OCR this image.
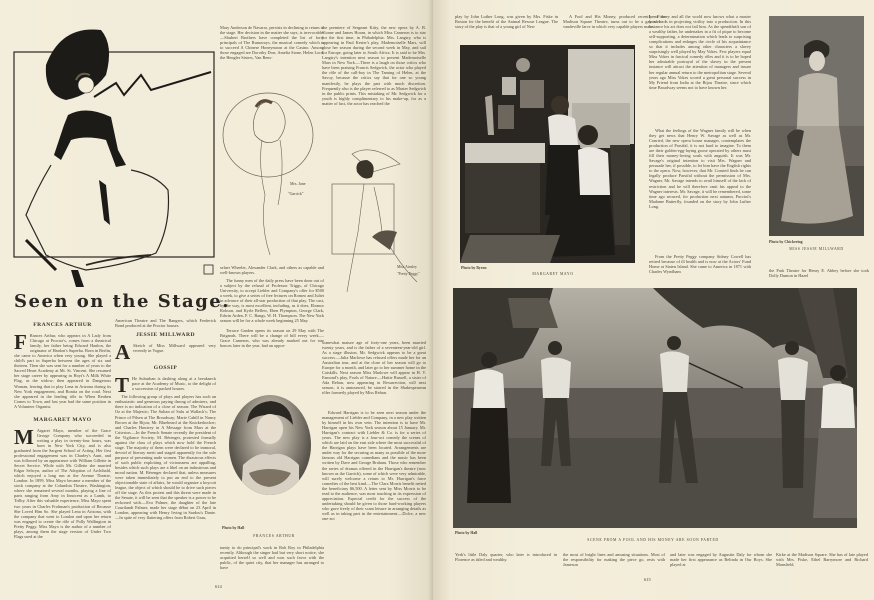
Seen on the Stage.
FRANCES ARTHUR

F Rances Arthur, who appears in A Lady from Chicago at Proctor's, comes from a theatrical family, her father being Edward Hanlon, the originator of Hanlon's Superba. Born in Berlin, she came to America when very young. She played a child's part in Superba between the ages of six and thirteen. Then she was sent for a number of years to the Sacred Heart Academy at Mt. St. Vincent. She resumed her stage career by appearing in Hoyt's A Milk White Flag, as the widow; then appeared in Dangerous Woman, leaving that to play Lena in Arizona during its New York engagement, and Bonita on the road. Next she appeared in the leading rôle in When Reuben Comes to Town, and last year had the same position in A Volunteer Organist.

MARGARET MAYO

M Argaret Mayo, member of the Grace George Company who succeeded in writing a play in twenty-four hours, was born in New York City, and is also graduated from the Sargent School of Acting. Her first professional engagement was in Charley's Aunt, and was followed by an appearance with William Gillette in Secret Service. While with Mr. Gillette she married Edgar Selwyn, author of The Adoption of Archibald, which enjoyed a long run at the Avenue Theatre, London. In 1899, Miss Mayo became a member of the stock company at the Columbia Theatre, Washington, where she remained several months, playing a line of parts ranging from Amy in Innocent as a Lamb, to Trilby. After this valuable experience, Miss Mayo spent two years in Charles Frohman's production of Because She Loved Him So. She played Lena in Arizona, with the company that went to London and upon her return was engaged to create the rôle of Polly Wallington in Pretty Peggy. Miss Mayo is the author of a number of plays, among them the stage version of Under Two Flags used at the

American Theatre and The Rangers, which Frederick Bond produced at the Proctor houses.

JESSIE MILLWARD

A Sketch of Miss Millward appeared very recently in Vogue.

GOSSIP

T He Suburban is dashing along at a breakneck pace at the Academy of Music, to the delight of a succession of packed houses.

The following group of plays and players has such an enthusiastic and generous paying throng of admirers, and there is no indication of a close of season: The Wizard of Oz at the Majestic; The Sultan of Sulu at Wallack's; The Prince of Pilsen at The Broadway; Marie Cahill in Nancy Brown at the Bijou; Mr. Bluebeard at the Knickerbocker; and Charles Hawtrey in A Message from Mars at the Criterion.—In the French Senate recently the president of the Vigilance Society, M. Bérenger, protested formally against the class of plays which now hold the French stage. The majority of them were declared to be immoral, devoid of literary merit and staged apparently for the sole purpose of presenting nude women. The disastrous effects of such public exploiting of viciousness are appalling, besides which such plays are a libel on an industrious and moral nation. M. Bérenger declared that, unless measures were taken immediately to put an end to the present objectionable state of affairs, he would organize a boycott league, the object of which should be to drive such pieces off the stage. As this protest and this threat were made in the Senate, it will be seen that the speaker is a power to be reckoned with.—Eva Palmer, the daughter of the late Courtlandt Palmer, made her stage début on 23 April in London, appearing with Henry Irving in Sardou's Dante.—In spite of very flattering offers from Robert Grau,

Mary Anderson de Navarro, persists in declining to return to the stage. Her decision in the matter she says, is irrevocable.—Shubert Brothers have completed the list of forty principals of The Runaways, the musical comedy which is to succeed A Chinese Honeymoon at the Casino. Among those engaged are Dorothy Dorr, Amelia Stone, Helen Lord, the Hengler Sisters, Van Rens-

Mrs. Jane
"Garrick"

selaer Wheeler, Alexander Clark, and others as capable and well-known players.

The funny men of the daily press have been done out of a subject by the refusal of Professor Triggs, of Chicago University, to accept Liebler and Company's offer for $500 a week, to give a series of free lectures on Romeo and Juliet in advance of their all-star production of that play. The cast, by the way, is most excellent, including, as it does, Eleanor Robson, and Kyrle Bellew, Eben Plympton, George Clark, Edwin Arden, F. C. Bangs, W. H. Thompson. The New York season will be for a whole week beginning 25 May.

Terrace Garden opens its season on 29 May with The Brigands. There will be a change of bill every week.—Grace Cameron, who was already marked out for star honors later in the year, had an oppor-

Photo by Hall
FRANCES ARTHUR

tunity to do principal's work in Rob Roy in Philadelphia recently. Although the singer had but very short notice, she acquitted herself so well and won such favor with the public, of the quiet city, that her manager has arranged to have

the premiere of Sergeant Kitty, the new opera by A. B. Sloane and James Horan, in which Miss Cameron is to star for the first time, in Philadelphia. Mrs. Langtry, who is appearing in Paul Kester's play, Mademoiselle Mars, will close her season during the second week in May, and sail for Europe, going later to South Africa. It is said to be Mrs. Langtry's intention next season to present Mademoiselle Mars in New York.—There is a laugh on those critics who have been praising Francis Sedgwick, the actor who played the rôle of the call-boy in The Taming of Helen, at the Savoy, because the critics say that for one so young manifestly, he plays the part with much discretion. Frequently also is the player referred to as Master Sedgwick in the public prints. This mistaking of Mr. Sedgwick for a youth is highly complimentary to his make-up, for as a matter of fact, the actor has reached the

Miss Ainsley
"Pretty Peggy"

somewhat mature age of forty-one years, been married twenty years, and is the father of a seventeen-year-old girl. As a stage illusion, Mr. Sedgwick appears to be a great success.—Julia Marlowe has refused offers made her for an Australian tour, and at the close of her season will go to Europe for a month, and later go to her summer home in the Catskills. Next season Miss Marlowe will appear in H. V. Esmond's play, Fools of Nature.—Hattie Russell, a sister of Ada Rehan, now appearing in Resurrection, will next season, it is announced, be starred in the Shakespearean rôles formerly played by Miss Rehan.

Edward Harrigan is to be seen next season under the management of Liebler and Company, in a new play written by himself in his own vein. The intention is to have Mr. Harrigan open his New York season about 15 January. Mr. Harrigan's contract with Liebler & Co. is for a series of years. The new play is a four-act comedy the scenes of which are laid on the east side where the most successful of the Harrigan plays have been located. Arrangements are under way for the securing as many as possible of the more famous old Harrigan comedians and the music has been written by Dave and George Braham. Those who remember the series of dramas offered in the Harrigan's theatre (now known as the Garrick), some of which were very admirable, will surely welcome a return to Mr. Harrigan's farce comedies of the best kind.—The Clara Morris benefit netted the beneficiary $6,500. A letter sent by Miss Morris to be read to the audience, was most touching in its expression of appreciation. Especial credit for the success of the undertaking should be given to those hard-working players who gave freely of their scant leisure in arranging details as well as in taking part in the entertainment.—Dolce, a new one-act

614

play by John Luther Long, was given by Mrs. Fiske in Boston for the benefit of the Animal Rescue League. The story of the play is that of a young girl of New

A Fool and His Money, produced recently at the Madison Square Theatre, turns out to be a gay sort of vaudeville farce in which very capable players make

Photo by Byron
MARGARET MAYO

Lee Fimsey and all the world now knows what a master hand he is in projecting virility into a production. In this instance his art does not fail him. As the spendthrift son of a wealthy father, he undertakes in a fit of pique to become self-supporting, a determination which leads to surprising complications and enlarges the circle of his acquaintance so that it includes among other characters a slavey surprisingly well played by May Vokes. Few players equal Miss Vokes in farcical comedy rôles and it is to be hoped her admirable portrayal of the slavey in the present instance will attract the attention of managers and insure her regular annual return to the metropolitan stage. Several years ago Miss Vokes scored a great personal success in My Friend from India at the Bijou Theatre, since which time Broadway seems not to have known her.

What the feelings of the Wagner family will be when they get news that Henry W. Savage as well as Mr. Conried, the new opera house manager, contemplates the production of Parsifal, it is not hard to imagine. To them are their golden-egg-laying goose operated by others must fill their money-loving souls with anguish. It was Mr. Savage's original intention to visit Mrs. Wagner and persuade her, if possible, to let him have the English rights to the opera. Now, however, that Mr. Conried finds he can legally produce Parsifal without the permission of Mrs. Wagner, Mr. Savage intends to avail himself of the lack of restriction and he will therefore omit his appeal to the Wagner interests. Mr. Savage, it will be remembered, some time ago secured, for production next autumn, Puccini's Madame Butterfly, founded on the story by John Luther Long.

From the Pretty Peggy company Sidney Cowell has retired because of ill health and is now at the Actors' Fund Home at Staten Island. She came to America in 1871 with Charles Wyndham

Photo by Chickering
MISS JESSIE MILLWARD

the Park Theatre for Henry E. Abbey before she took Dolly Dunton in Hazel

Photo by Hall
SCENE FROM A FOOL AND HIS MONEY ARE SOON PARTED

Yerk's little Daly quarter, who later is introduced in Florence as titled and wealthy.

the most of bright lines and amusing situations. Most of the responsibility for making the piece go, rests with Jameson

and later was engaged by Augustin Daly for whom she made her first appearance as Belinda in Our Boys. She played at

Kirke at the Madison Square. She has of late played with Mrs. Fiske, Ethel Barrymore and Richard Mansfield.

615
